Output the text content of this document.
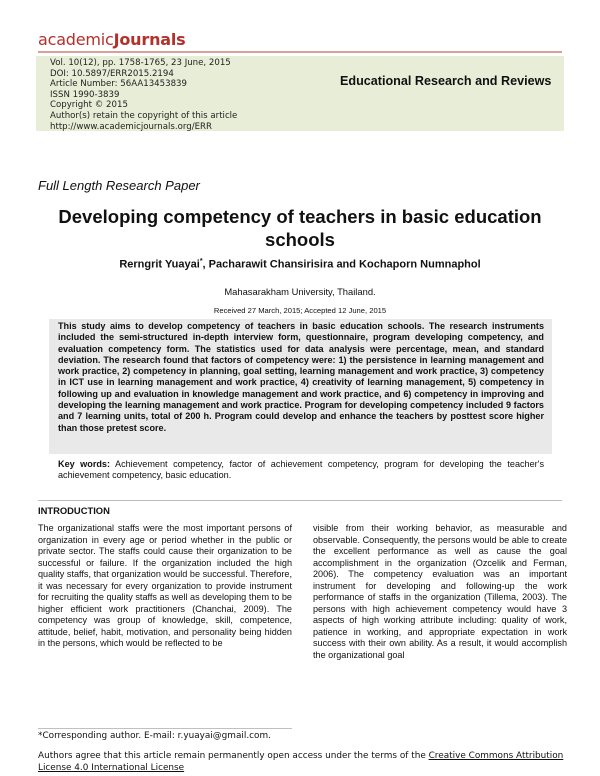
academicJournals
Vol. 10(12), pp. 1758-1765, 23 June, 2015
DOI: 10.5897/ERR2015.2194
Article Number: 56AA13453839
ISSN 1990-3839
Copyright © 2015
Author(s) retain the copyright of this article
http://www.academicjournals.org/ERR
Educational Research and Reviews
Full Length Research Paper
Developing competency of teachers in basic education schools
Rerngrit Yuayai*, Pacharawit Chansirisira and Kochaporn Numnaphol
Mahasarakham University, Thailand.
Received 27 March, 2015; Accepted 12 June, 2015
This study aims to develop competency of teachers in basic education schools. The research instruments included the semi-structured in-depth interview form, questionnaire, program developing competency, and evaluation competency form. The statistics used for data analysis were percentage, mean, and standard deviation. The research found that factors of competency were: 1) the persistence in learning management and work practice, 2) competency in planning, goal setting, learning management and work practice, 3) competency in ICT use in learning management and work practice, 4) creativity of learning management, 5) competency in following up and evaluation in knowledge management and work practice, and 6) competency in improving and developing the learning management and work practice. Program for developing competency included 9 factors and 7 learning units, total of 200 h. Program could develop and enhance the teachers by posttest score higher than those pretest score.
Key words: Achievement competency, factor of achievement competency, program for developing the teacher's achievement competency, basic education.
INTRODUCTION
The organizational staffs were the most important persons of organization in every age or period whether in the public or private sector. The staffs could cause their organization to be successful or failure. If the organization included the high quality staffs, that organization would be successful. Therefore, it was necessary for every organization to provide instrument for recruiting the quality staffs as well as developing them to be higher efficient work practitioners (Chanchai, 2009). The competency was group of knowledge, skill, competence, attitude, belief, habit, motivation, and personality being hidden in the persons, which would be reflected to be
visible from their working behavior, as measurable and observable. Consequently, the persons would be able to create the excellent performance as well as cause the goal accomplishment in the organization (Ozcelik and Ferman, 2006). The competency evaluation was an important instrument for developing and following-up the work performance of staffs in the organization (Tillema, 2003). The persons with high achievement competency would have 3 aspects of high working attribute including: quality of work, patience in working, and appropriate expectation in work success with their own ability. As a result, it would accomplish the organizational goal
*Corresponding author. E-mail: r.yuayai@gmail.com.
Authors agree that this article remain permanently open access under the terms of the Creative Commons Attribution License 4.0 International License
